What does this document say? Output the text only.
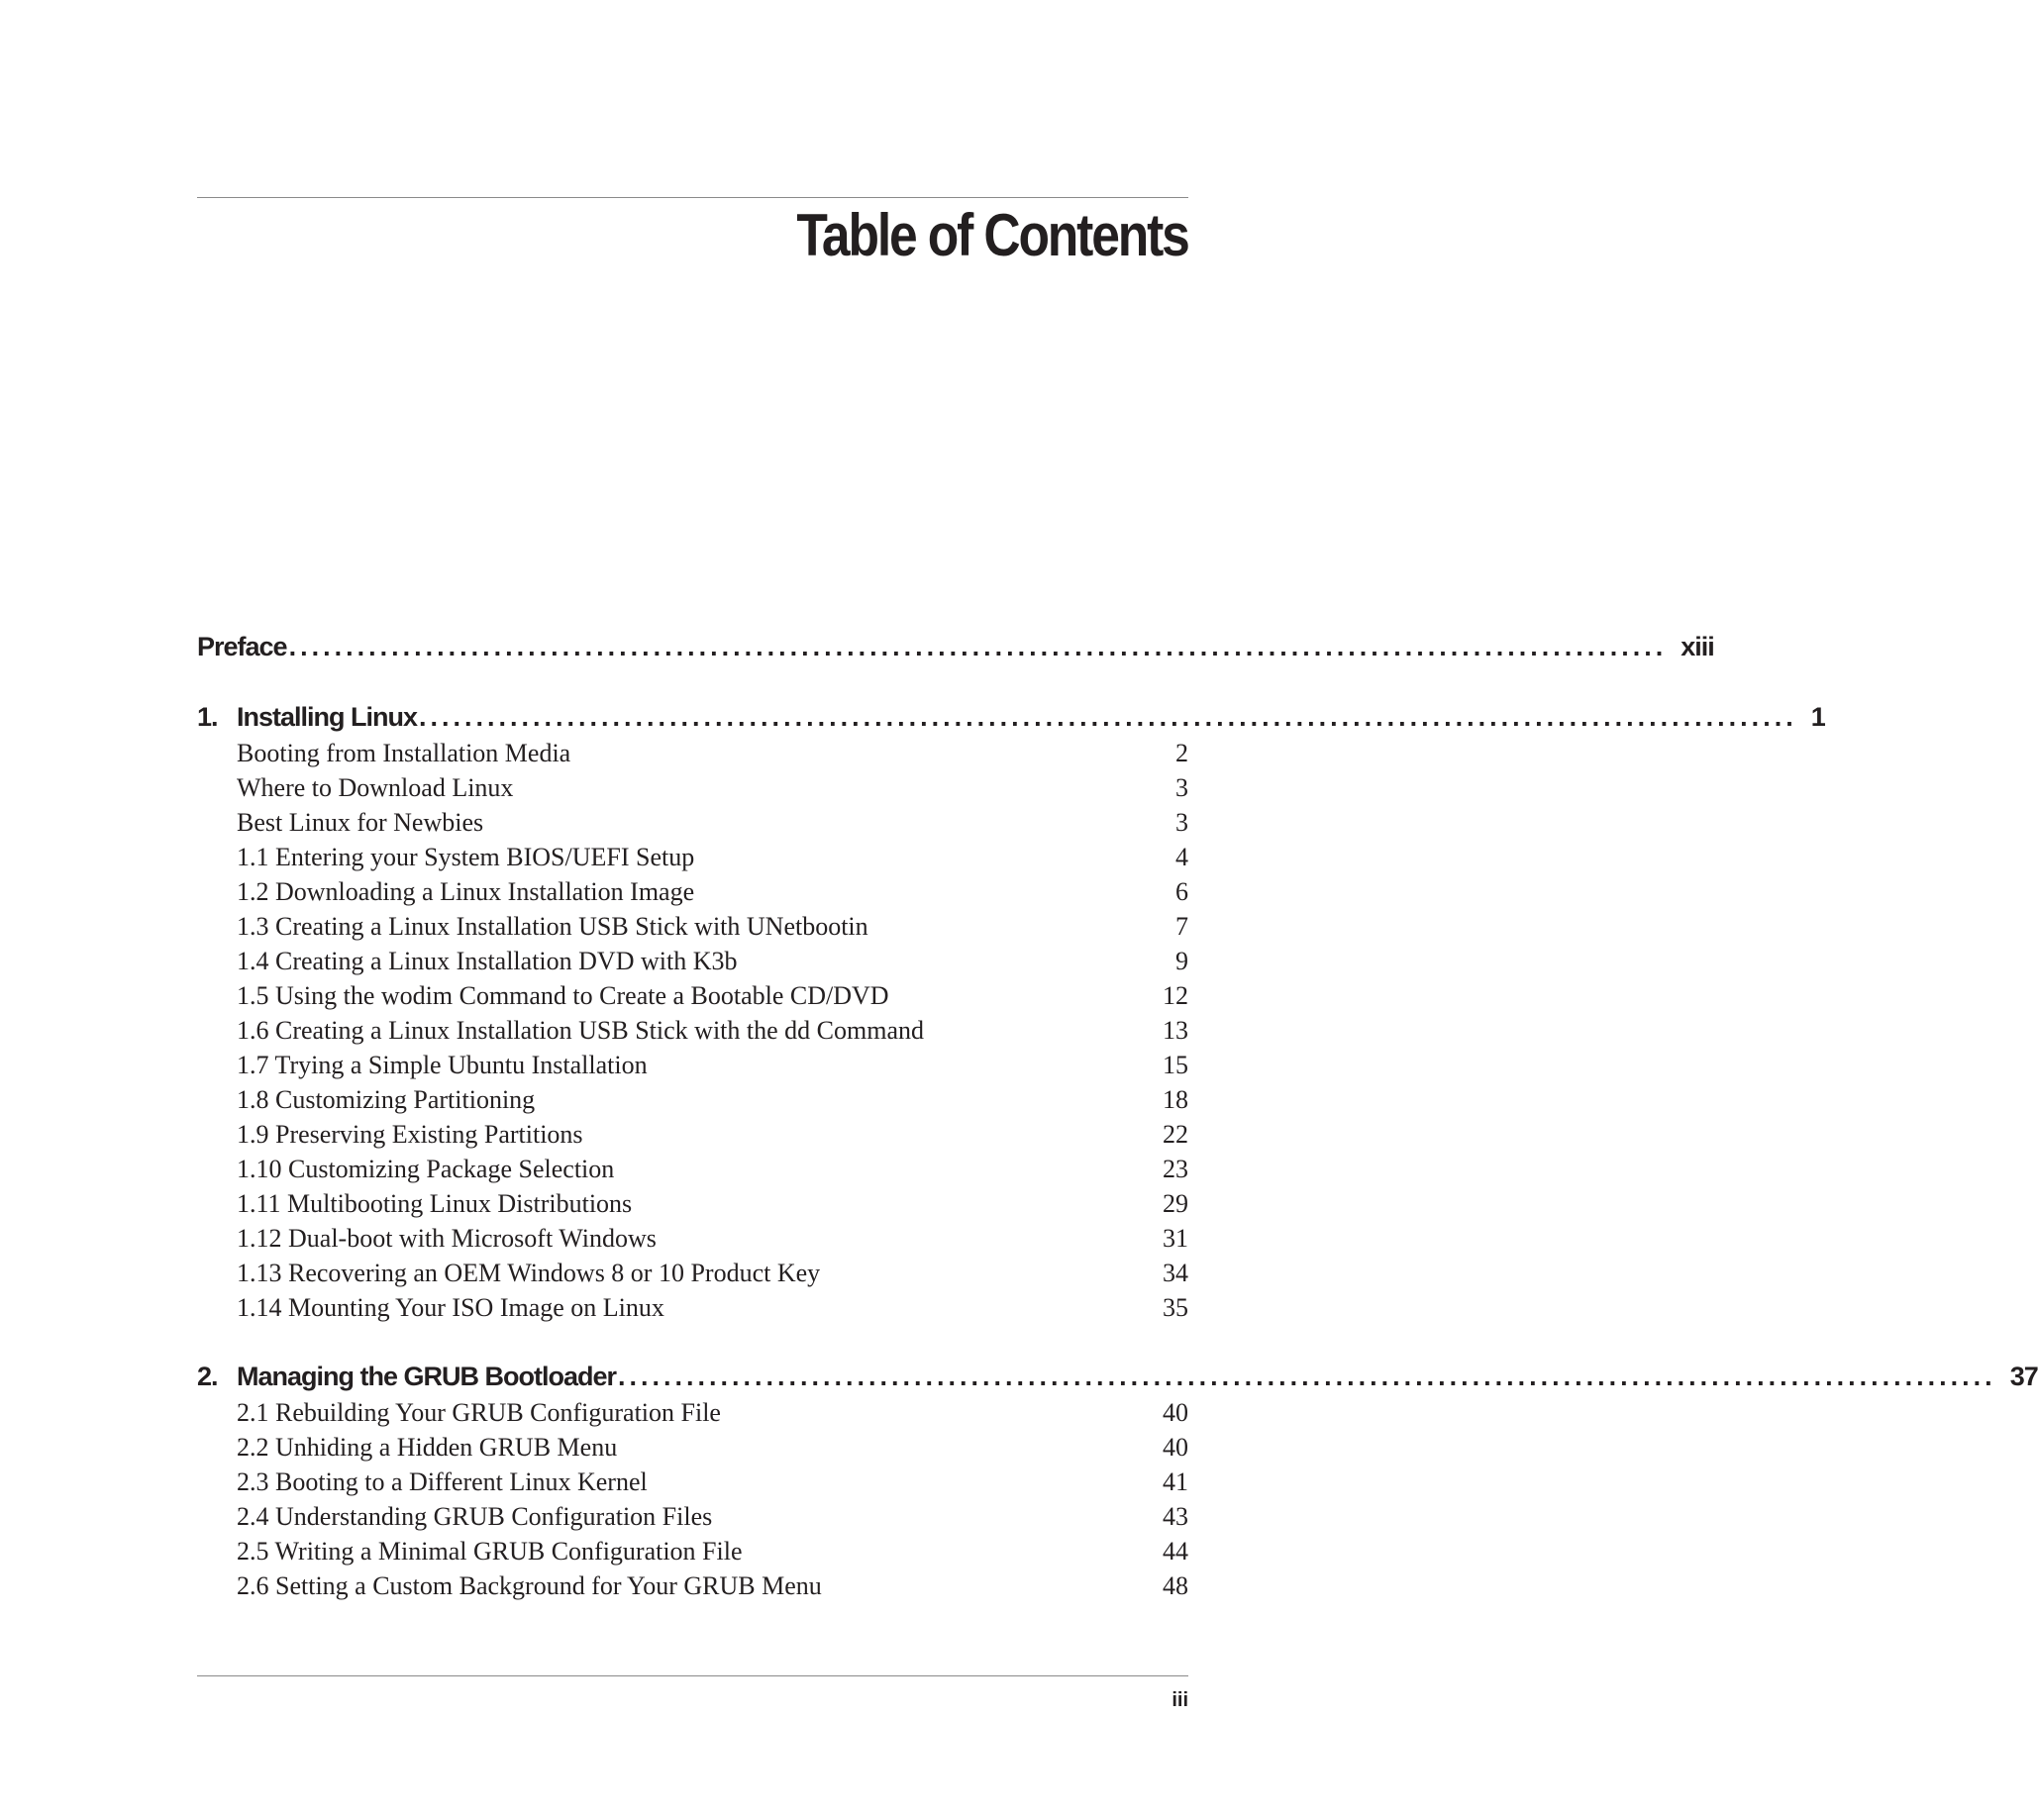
Table of Contents
Preface ......................................................................................................................... xiii
1. Installing Linux ......................................................................................................................... 1
Booting from Installation Media	2
Where to Download Linux	3
Best Linux for Newbies	3
1.1 Entering your System BIOS/UEFI Setup	4
1.2 Downloading a Linux Installation Image	6
1.3 Creating a Linux Installation USB Stick with UNetbootin	7
1.4 Creating a Linux Installation DVD with K3b	9
1.5 Using the wodim Command to Create a Bootable CD/DVD	12
1.6 Creating a Linux Installation USB Stick with the dd Command	13
1.7 Trying a Simple Ubuntu Installation	15
1.8 Customizing Partitioning	18
1.9 Preserving Existing Partitions	22
1.10 Customizing Package Selection	23
1.11 Multibooting Linux Distributions	29
1.12 Dual-boot with Microsoft Windows	31
1.13 Recovering an OEM Windows 8 or 10 Product Key	34
1.14 Mounting Your ISO Image on Linux	35
2. Managing the GRUB Bootloader ......................................................................................................................... 37
2.1 Rebuilding Your GRUB Configuration File	40
2.2 Unhiding a Hidden GRUB Menu	40
2.3 Booting to a Different Linux Kernel	41
2.4 Understanding GRUB Configuration Files	43
2.5 Writing a Minimal GRUB Configuration File	44
2.6 Setting a Custom Background for Your GRUB Menu	48
iii
